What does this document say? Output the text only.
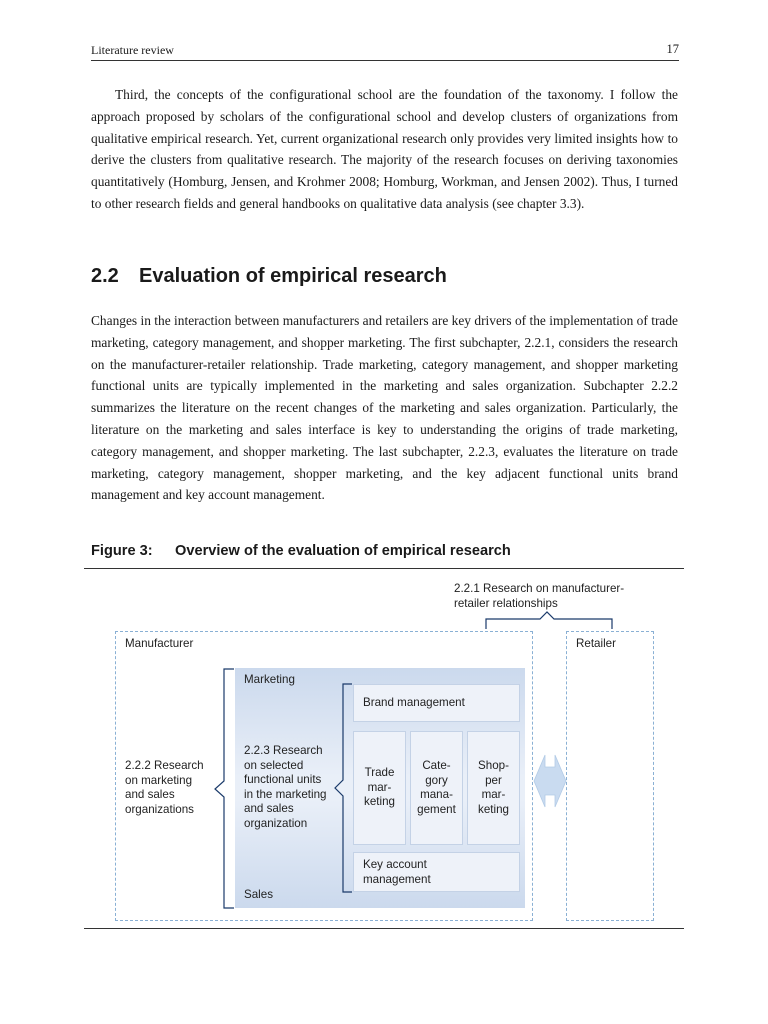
Literature review	17

Third, the concepts of the configurational school are the foundation of the taxonomy. I follow the approach proposed by scholars of the configurational school and develop clusters of organizations from qualitative empirical research. Yet, current organizational research only provides very limited insights how to derive the clusters from qualitative research. The majority of the research focuses on deriving taxonomies quantitatively (Homburg, Jensen, and Krohmer 2008; Homburg, Workman, and Jensen 2002). Thus, I turned to other research fields and general handbooks on qualitative data analysis (see chapter 3.3).

2.2 Evaluation of empirical research

Changes in the interaction between manufacturers and retailers are key drivers of the implementation of trade marketing, category management, and shopper marketing. The first subchapter, 2.2.1, considers the research on the manufacturer-retailer relationship. Trade marketing, category management, and shopper marketing functional units are typically implemented in the marketing and sales organization. Subchapter 2.2.2 summarizes the literature on the recent changes of the marketing and sales organization. Particularly, the literature on the marketing and sales interface is key to understanding the origins of trade marketing, category management, and shopper marketing. The last subchapter, 2.2.3, evaluates the literature on trade marketing, category management, shopper marketing, and the key adjacent functional units brand management and key account management.

Figure 3: Overview of the evaluation of empirical research
2.2.1 Research on manufacturer-
retailer relationships
Manufacturer	Retailer
Marketing
Sales
2.2.2 Research
on marketing
and sales
organizations
2.2.3 Research
on selected
functional units
in the marketing
and sales
organization
Brand management
Trade
mar-
keting
Cate-
gory
mana-
gement
Shop-
per
mar-
keting
Key account
management
